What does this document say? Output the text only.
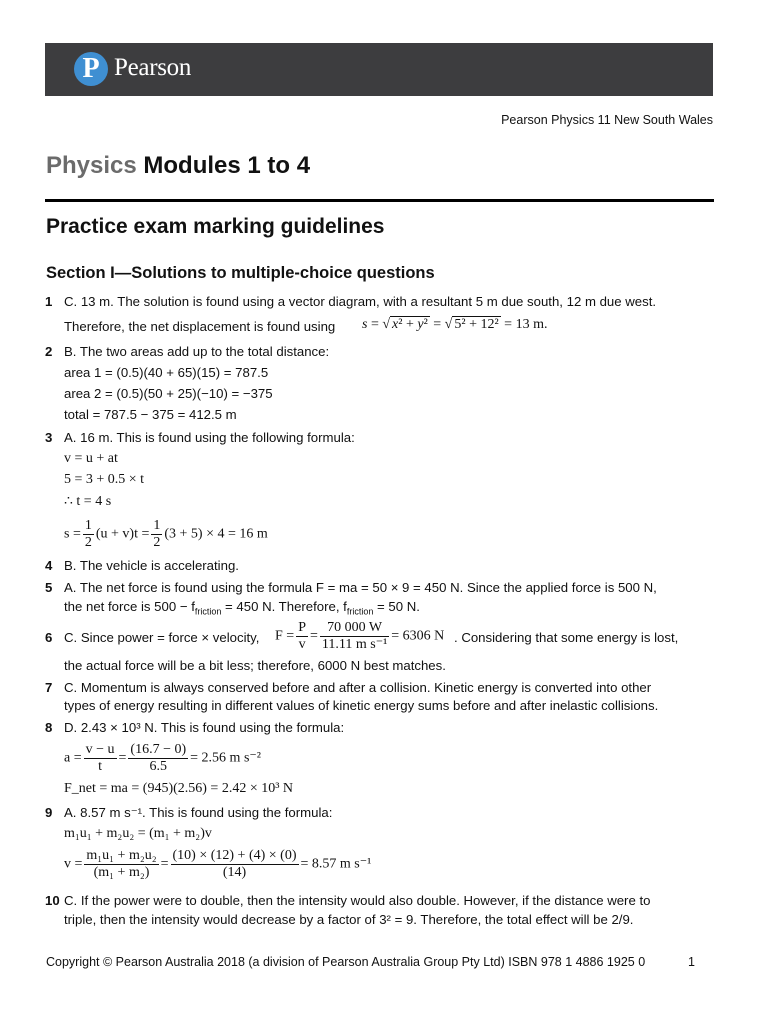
P Pearson
Pearson Physics 11 New South Wales
Physics Modules 1 to 4
Practice exam marking guidelines
Section I—Solutions to multiple-choice questions
1 C. 13 m. The solution is found using a vector diagram, with a resultant 5 m due south, 12 m due west.
Therefore, the net displacement is found using s = √ x² + y² = √ 5² + 12² = 13 m.
2 B. The two areas add up to the total distance:
area 1 = (0.5)(40 + 65)(15) = 787.5
area 2 = (0.5)(50 + 25)(−10) = −375
total = 787.5 − 375 = 412.5 m
3 A. 16 m. This is found using the following formula:
v = u + at
5 = 3 + 0.5 × t
∴ t = 4 s
$s = \frac{1}{2} (u + v)t = \frac{1}{2} (3 + 5) \times 4 = 16$ m
4 B. The vehicle is accelerating.
5 A. The net force is found using the formula F = ma = 50 × 9 = 450 N. Since the applied force is 500 N,
the net force is $500 - f_{friction} = 450$ N. Therefore, $f_{friction} = 50$ N.
6 C. Since power = force × velocity, $F = \frac{P}{v} = \frac{70 000 W}{\text{11.11 m s⁻¹}} = 6306$ N . Considering that some energy is lost,
the actual force will be a bit less; therefore, 6000 N best matches.
7 C. Momentum is always conserved before and after a collision. Kinetic energy is converted into other
types of energy resulting in different values of kinetic energy sums before and after inelastic collisions.
8 D. 2.43 × 10³ N. This is found using the formula:
$a = \frac{v - u}{t} = \frac{(16.7 - 0)}{6.5} = 2.56$ m s⁻²
F_net = ma = (945)(2.56) = 2.42 × 10³ N
9 A. 8.57 m s⁻¹. This is found using the formula:
m₁u₁ + m₂u₂ = (m₁ + m₂)v
$v = \frac{\text{m₁u₁ + m₂u₂}}{\text{(m₁ + m₂)}} = \frac{(10) \times (12) + (4) \times (0)}{(14)} = 8.57$ m s⁻¹
10 C. If the power were to double, then the intensity would also double. However, if the distance were to
triple, then the intensity would decrease by a factor of 3² = 9. Therefore, the total effect will be 2/9.
Copyright © Pearson Australia 2018 (a division of Pearson Australia Group Pty Ltd) ISBN 978 1 4886 1925 0	1
